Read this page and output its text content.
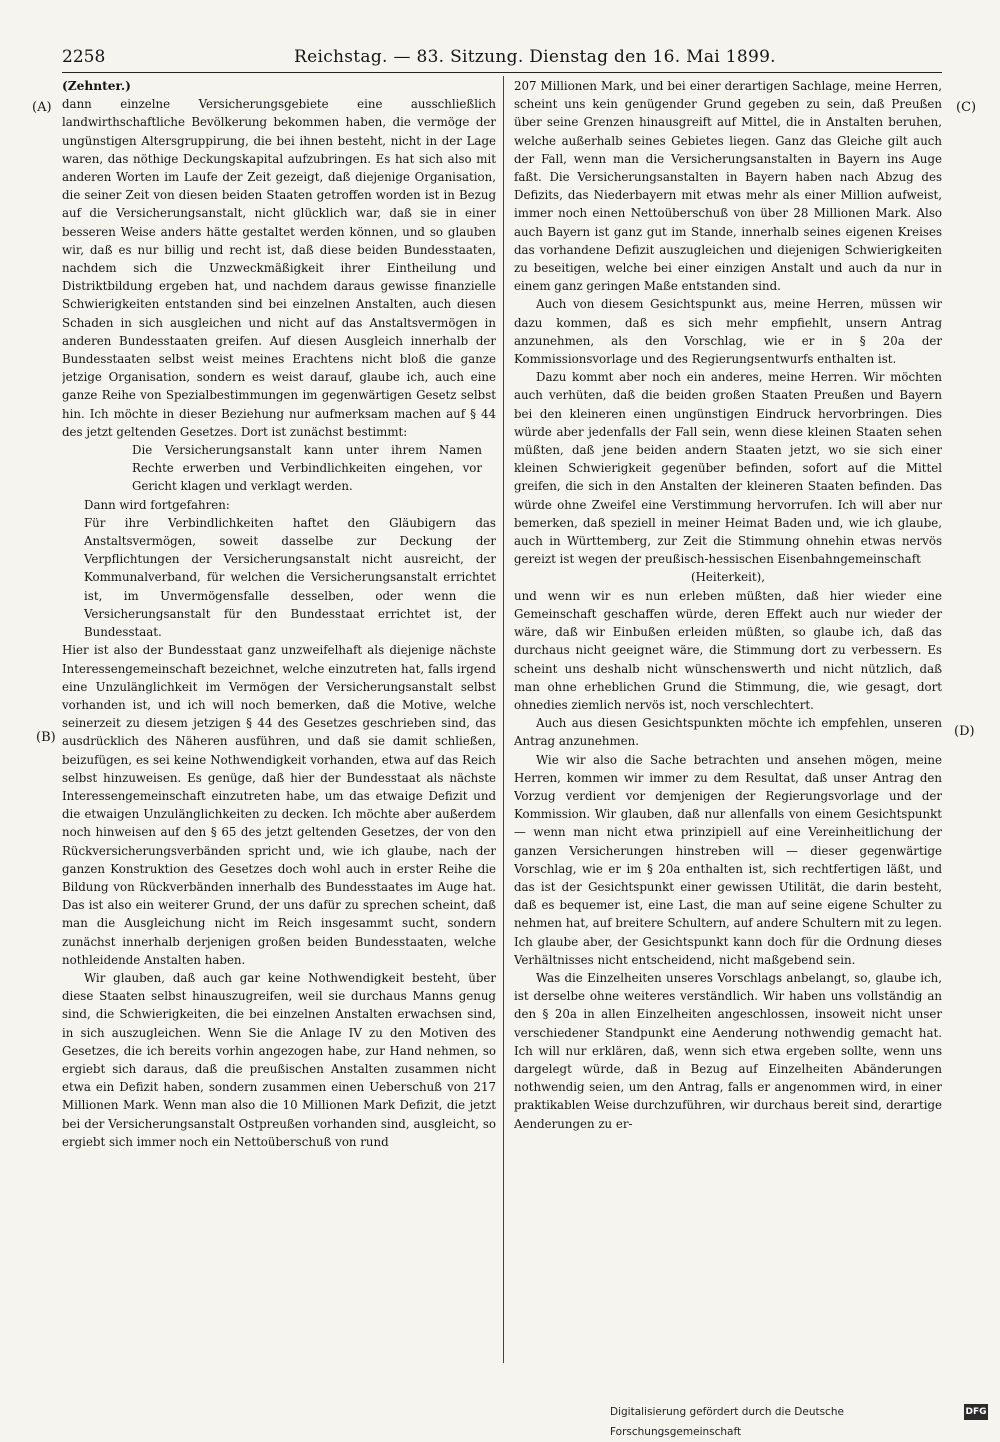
2258	Reichstag. — 83. Sitzung. Dienstag den 16. Mai 1899.
(A)
(B)
(C)
(D)

(Zehnter.)

dann einzelne Versicherungsgebiete eine ausschließlich landwirthschaftliche Bevölkerung bekommen haben, die vermöge der ungünstigen Altersgruppirung, die bei ihnen besteht, nicht in der Lage waren, das nöthige Deckungskapital aufzubringen. Es hat sich also mit anderen Worten im Laufe der Zeit gezeigt, daß diejenige Organisation, die seiner Zeit von diesen beiden Staaten getroffen worden ist in Bezug auf die Versicherungsanstalt, nicht glücklich war, daß sie in einer besseren Weise anders hätte gestaltet werden können, und so glauben wir, daß es nur billig und recht ist, daß diese beiden Bundesstaaten, nachdem sich die Unzweckmäßigkeit ihrer Eintheilung und Distriktbildung ergeben hat, und nachdem daraus gewisse finanzielle Schwierigkeiten entstanden sind bei einzelnen Anstalten, auch diesen Schaden in sich ausgleichen und nicht auf das Anstaltsvermögen in anderen Bundesstaaten greifen. Auf diesen Ausgleich innerhalb der Bundesstaaten selbst weist meines Erachtens nicht bloß die ganze jetzige Organisation, sondern es weist darauf, glaube ich, auch eine ganze Reihe von Spezialbestimmungen im gegenwärtigen Gesetz selbst hin. Ich möchte in dieser Beziehung nur aufmerksam machen auf § 44 des jetzt geltenden Gesetzes. Dort ist zunächst bestimmt:

Die Versicherungsanstalt kann unter ihrem Namen Rechte erwerben und Verbindlichkeiten eingehen, vor Gericht klagen und verklagt werden.

Dann wird fortgefahren:

Für ihre Verbindlichkeiten haftet den Gläubigern das Anstaltsvermögen, soweit dasselbe zur Deckung der Verpflichtungen der Versicherungsanstalt nicht ausreicht, der Kommunalverband, für welchen die Versicherungsanstalt errichtet ist, im Unvermögensfalle desselben, oder wenn die Versicherungsanstalt für den Bundesstaat errichtet ist, der Bundesstaat.

Hier ist also der Bundesstaat ganz unzweifelhaft als diejenige nächste Interessengemeinschaft bezeichnet, welche einzutreten hat, falls irgend eine Unzulänglichkeit im Vermögen der Versicherungsanstalt selbst vorhanden ist, und ich will noch bemerken, daß die Motive, welche seinerzeit zu diesem jetzigen § 44 des Gesetzes geschrieben sind, das ausdrücklich des Näheren ausführen, und daß sie damit schließen, beizufügen, es sei keine Nothwendigkeit vorhanden, etwa auf das Reich selbst hinzuweisen. Es genüge, daß hier der Bundesstaat als nächste Interessengemeinschaft einzutreten habe, um das etwaige Defizit und die etwaigen Unzulänglichkeiten zu decken. Ich möchte aber außerdem noch hinweisen auf den § 65 des jetzt geltenden Gesetzes, der von den Rückversicherungsverbänden spricht und, wie ich glaube, nach der ganzen Konstruktion des Gesetzes doch wohl auch in erster Reihe die Bildung von Rückverbänden innerhalb des Bundesstaates im Auge hat. Das ist also ein weiterer Grund, der uns dafür zu sprechen scheint, daß man die Ausgleichung nicht im Reich insgesammt sucht, sondern zunächst innerhalb derjenigen großen beiden Bundesstaaten, welche nothleidende Anstalten haben.

Wir glauben, daß auch gar keine Nothwendigkeit besteht, über diese Staaten selbst hinauszugreifen, weil sie durchaus Manns genug sind, die Schwierigkeiten, die bei einzelnen Anstalten erwachsen sind, in sich auszugleichen. Wenn Sie die Anlage IV zu den Motiven des Gesetzes, die ich bereits vorhin angezogen habe, zur Hand nehmen, so ergiebt sich daraus, daß die preußischen Anstalten zusammen nicht etwa ein Defizit haben, sondern zusammen einen Ueberschuß von 217 Millionen Mark. Wenn man also die 10 Millionen Mark Defizit, die jetzt bei der Versicherungsanstalt Ostpreußen vorhanden sind, ausgleicht, so ergiebt sich immer noch ein Nettoüberschuß von rund

207 Millionen Mark, und bei einer derartigen Sachlage, meine Herren, scheint uns kein genügender Grund gegeben zu sein, daß Preußen über seine Grenzen hinausgreift auf Mittel, die in Anstalten beruhen, welche außerhalb seines Gebietes liegen. Ganz das Gleiche gilt auch der Fall, wenn man die Versicherungsanstalten in Bayern ins Auge faßt. Die Versicherungsanstalten in Bayern haben nach Abzug des Defizits, das Niederbayern mit etwas mehr als einer Million aufweist, immer noch einen Nettoüberschuß von über 28 Millionen Mark. Also auch Bayern ist ganz gut im Stande, innerhalb seines eigenen Kreises das vorhandene Defizit auszugleichen und diejenigen Schwierigkeiten zu beseitigen, welche bei einer einzigen Anstalt und auch da nur in einem ganz geringen Maße entstanden sind.

Auch von diesem Gesichtspunkt aus, meine Herren, müssen wir dazu kommen, daß es sich mehr empfiehlt, unsern Antrag anzunehmen, als den Vorschlag, wie er in § 20a der Kommissionsvorlage und des Regierungsentwurfs enthalten ist.

Dazu kommt aber noch ein anderes, meine Herren. Wir möchten auch verhüten, daß die beiden großen Staaten Preußen und Bayern bei den kleineren einen ungünstigen Eindruck hervorbringen. Dies würde aber jedenfalls der Fall sein, wenn diese kleinen Staaten sehen müßten, daß jene beiden andern Staaten jetzt, wo sie sich einer kleinen Schwierigkeit gegenüber befinden, sofort auf die Mittel greifen, die sich in den Anstalten der kleineren Staaten befinden. Das würde ohne Zweifel eine Verstimmung hervorrufen. Ich will aber nur bemerken, daß speziell in meiner Heimat Baden und, wie ich glaube, auch in Württemberg, zur Zeit die Stimmung ohnehin etwas nervös gereizt ist wegen der preußisch-hessischen Eisenbahngemeinschaft

(Heiterkeit),

und wenn wir es nun erleben müßten, daß hier wieder eine Gemeinschaft geschaffen würde, deren Effekt auch nur wieder der wäre, daß wir Einbußen erleiden müßten, so glaube ich, daß das durchaus nicht geeignet wäre, die Stimmung dort zu verbessern. Es scheint uns deshalb nicht wünschenswerth und nicht nützlich, daß man ohne erheblichen Grund die Stimmung, die, wie gesagt, dort ohnedies ziemlich nervös ist, noch verschlechtert.

Auch aus diesen Gesichtspunkten möchte ich empfehlen, unseren Antrag anzunehmen.

Wie wir also die Sache betrachten und ansehen mögen, meine Herren, kommen wir immer zu dem Resultat, daß unser Antrag den Vorzug verdient vor demjenigen der Regierungsvorlage und der Kommission. Wir glauben, daß nur allenfalls von einem Gesichtspunkt — wenn man nicht etwa prinzipiell auf eine Vereinheitlichung der ganzen Versicherungen hinstreben will — dieser gegenwärtige Vorschlag, wie er im § 20a enthalten ist, sich rechtfertigen läßt, und das ist der Gesichtspunkt einer gewissen Utilität, die darin besteht, daß es bequemer ist, eine Last, die man auf seine eigene Schulter zu nehmen hat, auf breitere Schultern, auf andere Schultern mit zu legen. Ich glaube aber, der Gesichtspunkt kann doch für die Ordnung dieses Verhältnisses nicht entscheidend, nicht maßgebend sein.

Was die Einzelheiten unseres Vorschlags anbelangt, so, glaube ich, ist derselbe ohne weiteres verständlich. Wir haben uns vollständig an den § 20a in allen Einzelheiten angeschlossen, insoweit nicht unser verschiedener Standpunkt eine Aenderung nothwendig gemacht hat. Ich will nur erklären, daß, wenn sich etwa ergeben sollte, wenn uns dargelegt würde, daß in Bezug auf Einzelheiten Abänderungen nothwendig seien, um den Antrag, falls er angenommen wird, in einer praktikablen Weise durchzuführen, wir durchaus bereit sind, derartige Aenderungen zu er-

Digitalisierung gefördert durch die Deutsche Forschungsgemeinschaft
DFG
